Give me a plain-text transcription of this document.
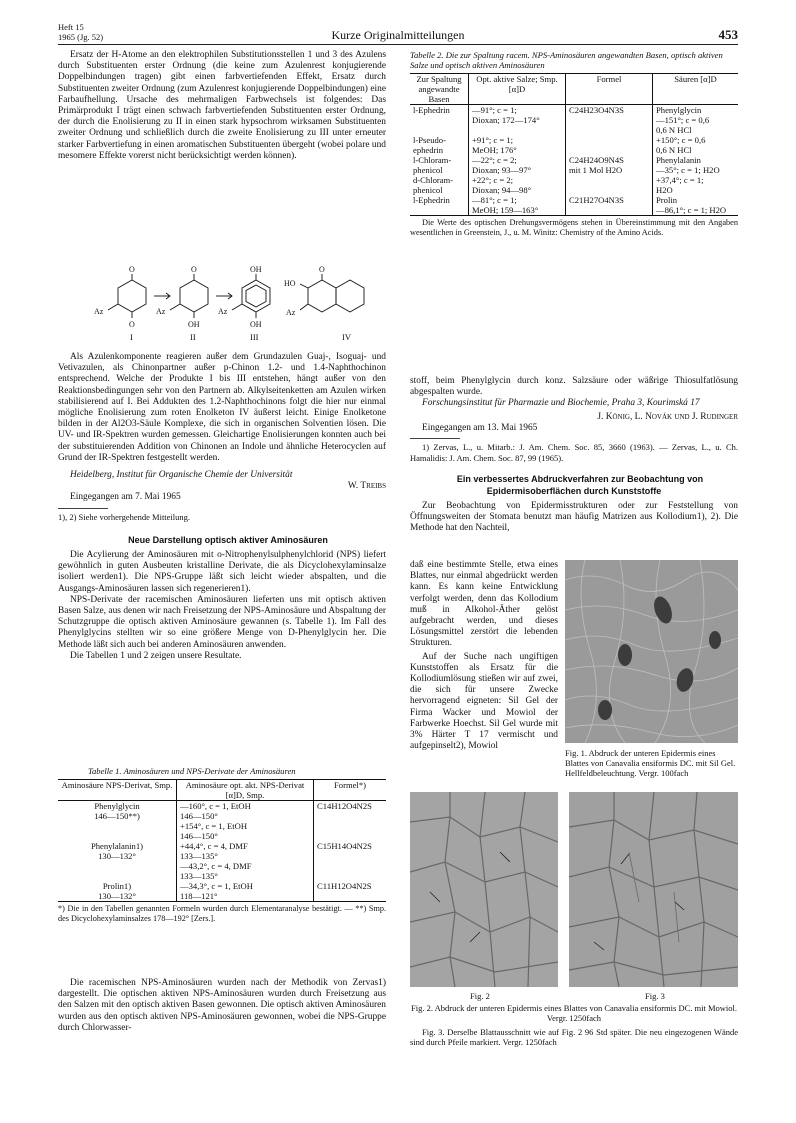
Heft 15
1965 (Jg. 52)	Kurze Originalmitteilungen	453

Ersatz der H-Atome an den elektrophilen Substitutionsstellen 1 und 3 des Azulens durch Substituenten erster Ordnung (die keine zum Azulenrest konjugierende Doppelbindungen tragen) gibt einen farbvertiefenden Effekt, Ersatz durch Substituenten zweiter Ordnung (zum Azulenrest konjugierende Doppelbindungen) eine Farbaufhellung. Ursache des mehrmaligen Farbwechsels ist folgendes: Das Primärprodukt I trägt einen schwach farbvertiefenden Substituenten erster Ordnung, der durch die Enolisierung zu II in einen stark hypsochrom wirksamen Substituenten zweiter Ordnung und schließlich durch die zweite Enolisierung zu III unter erneuter starker Farbvertiefung in einen aromatischen Substituenten übergeht (wobei polare und mesomere Effekte vorerst nicht berücksichtigt werden können).

O
O
Az
O
OH
Az
OH
OH
Az
O
HO
Az
I	II	III	IV

Als Azulenkomponente reagieren außer dem Grundazulen Guaj-, Isoguaj- und Vetivazulen, als Chinonpartner außer p-Chinon 1.2- und 1.4-Naphthochinon entsprechend. Welche der Produkte I bis III entstehen, hängt außer von den Reaktionsbedingungen sehr von den Partnern ab. Alkylseitenketten am Azulen wirken stabilisierend auf I. Bei Addukten des 1.2-Naphthochinons folgt die hier nur einmal mögliche Enolisierung zum roten Enolketon IV äußerst leicht. Einige Enolketone bilden in der Al2O3-Säule Komplexe, die sich in organischen Solventien lösen. Die UV- und IR-Spektren wurden gemessen. Gleichartige Enolisierungen konnten auch bei der substituierenden Addition von Chinonen an Indole und ähnliche Heterocyclen auf Grund der IR-Spektren festgestellt werden.

Heidelberg, Institut für Organische Chemie der Universität

W. Treibs

Eingegangen am 7. Mai 1965

1), 2) Siehe vorhergehende Mitteilung.

Neue Darstellung optisch aktiver Aminosäuren

Die Acylierung der Aminosäuren mit o-Nitrophenylsulphenylchlorid (NPS) liefert gewöhnlich in guten Ausbeuten kristalline Derivate, die als Dicyclohexylaminsalze isoliert werden1). Die NPS-Gruppe läßt sich leicht wieder abspalten, und die Ausgangs-Aminosäuren lassen sich regenerieren1).

NPS-Derivate der racemischen Aminosäuren lieferten uns mit optisch aktiven Basen Salze, aus denen wir nach Freisetzung der NPS-Aminosäure und Abspaltung der Schutzgruppe die optisch aktiven Aminosäure gewannen (s. Tabelle 1). Im Fall des Phenylglycins stellten wir so eine größere Menge von D-Phenylglycin her. Die Methode läßt sich auch bei anderen Aminosäuren anwenden.

Die Tabellen 1 und 2 zeigen unsere Resultate.

Tabelle 1. Aminosäuren und NPS-Derivate der Aminosäuren
Aminosäure NPS-Derivat, Smp.	Aminosäure opt. akt. NPS-Derivat [α]D, Smp.	Formel*)
Phenylglycin	—160°, c = 1, EtOH	C14H12O4N2S
146—150**)	146—150°	
	+154°, c = 1, EtOH	
	146—150°	
Phenylalanin1)	+44,4°, c = 4, DMF	C15H14O4N2S
130—132°	133—135°	
	—43,2°, c = 4, DMF	
	133—135°	
Prolin1)	—34,3°, c = 1, EtOH	C11H12O4N2S
130—132°	118—121°	
*) Die in den Tabellen genannten Formeln wurden durch Elementaranalyse bestätigt. — **) Smp. des Dicyclohexylaminsalzes 178—192° [Zers.].

Die racemischen NPS-Aminosäuren wurden nach der Methodik von Zervas1) dargestellt. Die optischen aktiven NPS-Aminosäuren wurden durch Freisetzung aus den Salzen mit den optisch aktiven Basen gewonnen. Die optisch aktiven Aminosäuren wurden aus den optisch aktiven NPS-Aminosäuren gewonnen, wobei die NPS-Gruppe durch Chlorwasser-

Tabelle 2. Die zur Spaltung racem. NPS-Aminosäuren angewandten Basen, optisch aktiven Salze und optisch aktiven Aminosäuren
Zur Spaltung angewandte Basen	Opt. aktive Salze; Smp. [α]D	Formel	Säuren [α]D
l-Ephedrin	—91°; c = 1;	C24H23O4N3S	Phenylglycin
	Dioxan; 172—174°		—151°; c = 0,6
			0,6 N HCl
l-Pseudo-	+91°; c = 1;		+150°; c = 0,6
ephedrin	MeOH; 176°		0,6 N HCl
l-Chloram-	—22°; c = 2;	C24H24O9N4S	Phenylalanin
phenicol	Dioxan; 93—97°	mit 1 Mol H2O	—35°; c = 1; H2O
d-Chloram-	+22°; c = 2;		+37,4°; c = 1;
phenicol	Dioxan; 94—98°		H2O
l-Ephedrin	—81°; c = 1;	C21H27O4N3S	Prolin
	MeOH; 159—163°		—86,1°; c = 1; H2O
Die Werte des optischen Drehungsvermögens stehen in Übereinstimmung mit den Angaben wesentlichen in Greenstein, J., u. M. Winitz: Chemistry of the Amino Acids.

stoff, beim Phenylglycin durch konz. Salzsäure oder wäßrige Thiosulfatlösung abgespalten wurde.

Forschungsinstitut für Pharmazie und Biochemie, Praha 3, Kourimská 17

J. König, L. Novák und J. Rudinger

Eingegangen am 13. Mai 1965

1) Zervas, L., u. Mitarb.: J. Am. Chem. Soc. 85, 3660 (1963). — Zervas, L., u. Ch. Hamalidis: J. Am. Chem. Soc. 87, 99 (1965).

Ein verbessertes Abdruckverfahren zur Beobachtung von Epidermisoberflächen durch Kunststoffe

Zur Beobachtung von Epidermisstrukturen oder zur Feststellung von Öffnungsweiten der Stomata benutzt man häufig Matrizen aus Kollodium1), 2). Die Methode hat den Nachteil,

daß eine bestimmte Stelle, etwa eines Blattes, nur einmal abgedrückt werden kann. Es kann keine Entwicklung verfolgt werden, denn das Kollodium muß in Alkohol-Äther gelöst aufgebracht werden, und dieses Lösungsmittel zerstört die lebenden Strukturen.

Auf der Suche nach ungiftigen Kunststoffen als Ersatz für die Kollodiumlösung stießen wir auf zwei, die sich für unsere Zwecke hervorragend eigneten: Sil Gel der Firma Wacker und Mowiol der Farbwerke Hoechst. Sil Gel wurde mit 3% Härter T 17 vermischt und aufgepinselt2), Mowiol

Fig. 1. Abdruck der unteren Epidermis eines Blattes von Canavalia ensiformis DC. mit Sil Gel. Hellfeldbeleuchtung. Vergr. 100fach
Fig. 2	Fig. 3
Fig. 2. Abdruck der unteren Epidermis eines Blattes von Canavalia ensiformis DC. mit Mowiol. Vergr. 1250fach
Fig. 3. Derselbe Blattausschnitt wie auf Fig. 2 96 Std später. Die neu eingezogenen Wände sind durch Pfeile markiert. Vergr. 1250fach
